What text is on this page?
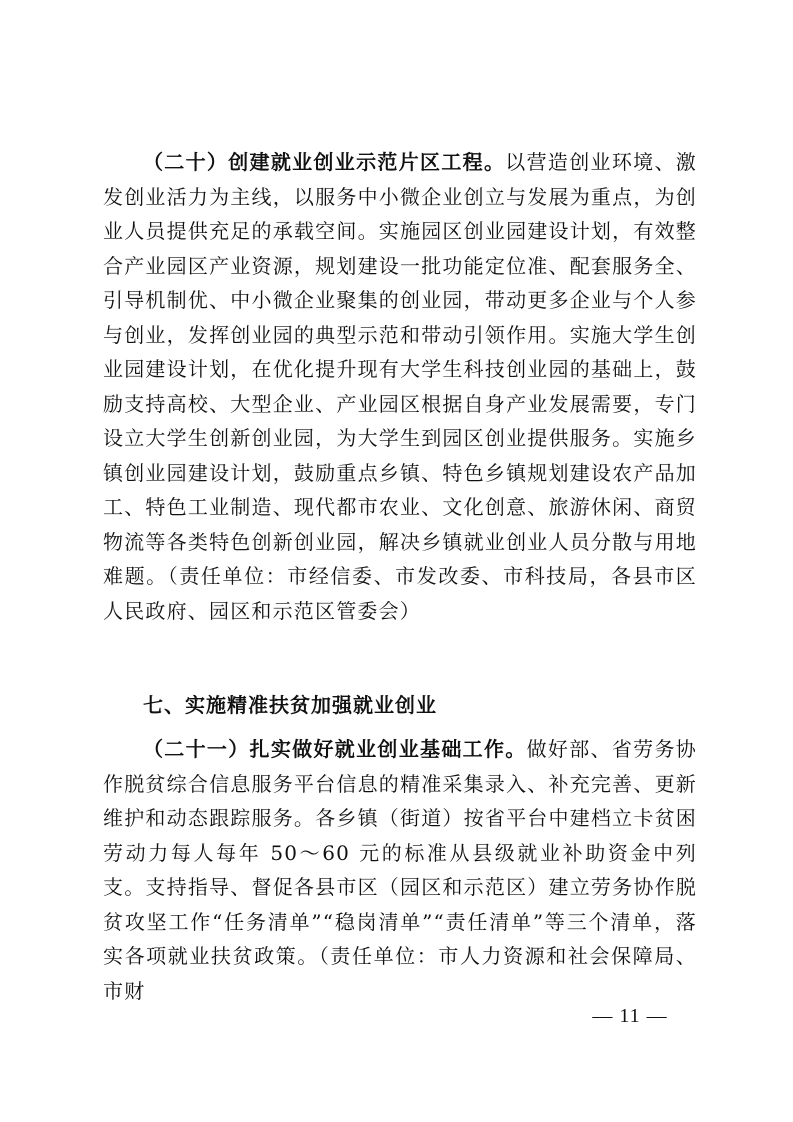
（二十）创建就业创业示范片区工程。以营造创业环境、激发创业活力为主线，以服务中小微企业创立与发展为重点，为创业人员提供充足的承载空间。实施园区创业园建设计划，有效整合产业园区产业资源，规划建设一批功能定位准、配套服务全、引导机制优、中小微企业聚集的创业园，带动更多企业与个人参与创业，发挥创业园的典型示范和带动引领作用。实施大学生创业园建设计划，在优化提升现有大学生科技创业园的基础上，鼓励支持高校、大型企业、产业园区根据自身产业发展需要，专门设立大学生创新创业园，为大学生到园区创业提供服务。实施乡镇创业园建设计划，鼓励重点乡镇、特色乡镇规划建设农产品加工、特色工业制造、现代都市农业、文化创意、旅游休闲、商贸物流等各类特色创新创业园，解决乡镇就业创业人员分散与用地难题。（责任单位：市经信委、市发改委、市科技局，各县市区人民政府、园区和示范区管委会）

七、实施精准扶贫加强就业创业

（二十一）扎实做好就业创业基础工作。做好部、省劳务协作脱贫综合信息服务平台信息的精准采集录入、补充完善、更新维护和动态跟踪服务。各乡镇（街道）按省平台中建档立卡贫困劳动力每人每年 50～60 元的标准从县级就业补助资金中列支。支持指导、督促各县市区（园区和示范区）建立劳务协作脱贫攻坚工作“任务清单”“稳岗清单”“责任清单”等三个清单，落实各项就业扶贫政策。（责任单位：市人力资源和社会保障局、市财

— 11 —
